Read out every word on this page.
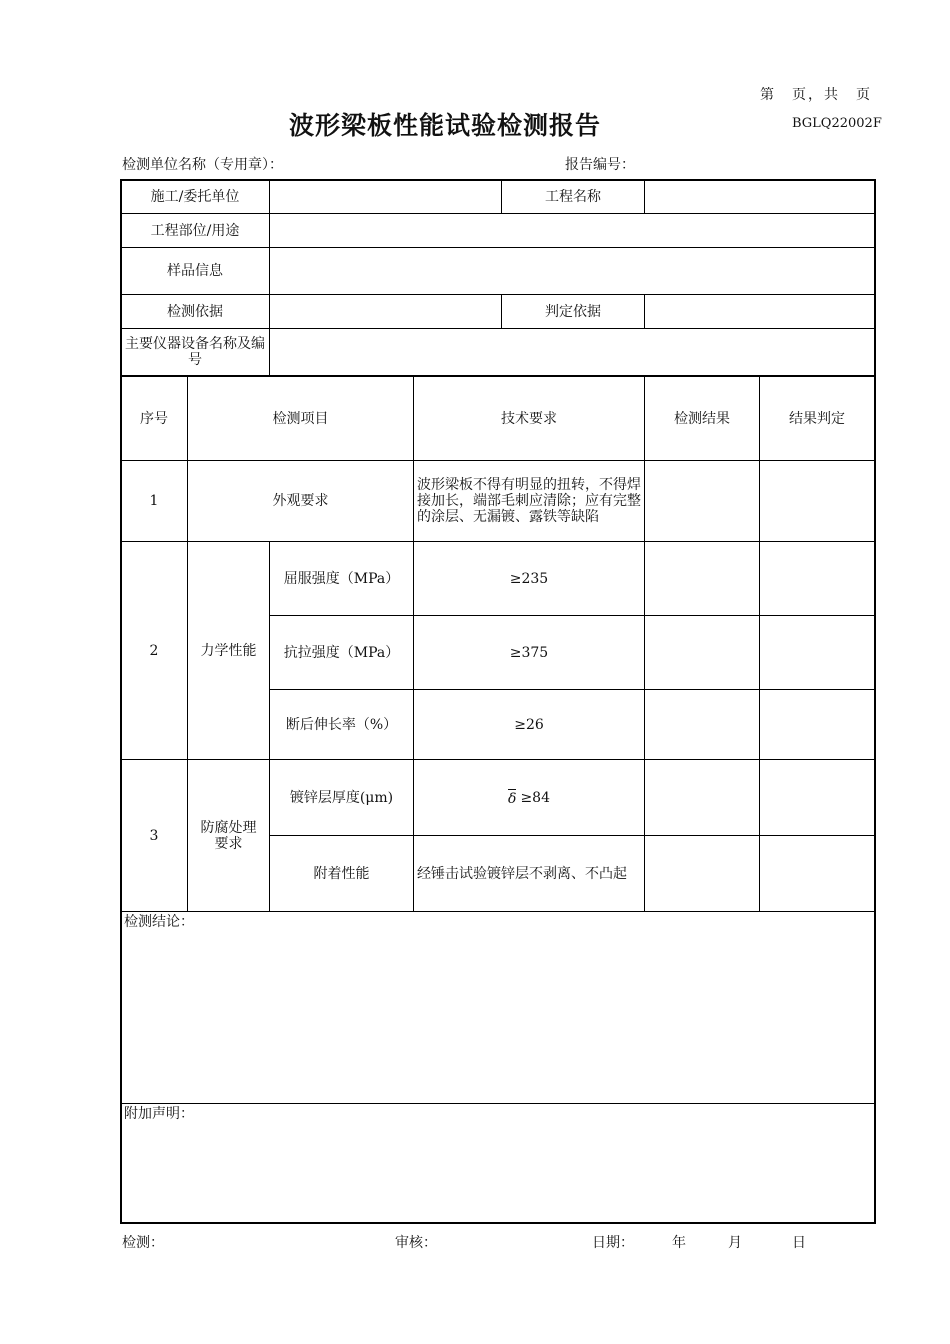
第　页，共　页
波形梁板性能试验检测报告	BGLQ22002F
检测单位名称（专用章）：	报告编号：
施工/委托单位	工程名称
工程部位/用途
样品信息
检测依据	判定依据
主要仪器设备名称及编号
序号	检测项目	技术要求	检测结果	结果判定
1	外观要求
波形梁板不得有明显的扭转，不得焊接加长，端部毛刺应清除；应有完整的涂层、无漏镀、露铁等缺陷
2	力学性能
屈服强度（MPa）	≥235
抗拉强度（MPa）	≥375
断后伸长率（%）	≥26
3	防腐处理要求
镀锌层厚度(μm)	δ ≥84
附着性能	经锤击试验镀锌层不剥离、不凸起
检测结论：
附加声明：
检测：	审核：	日期：	年	月	日
